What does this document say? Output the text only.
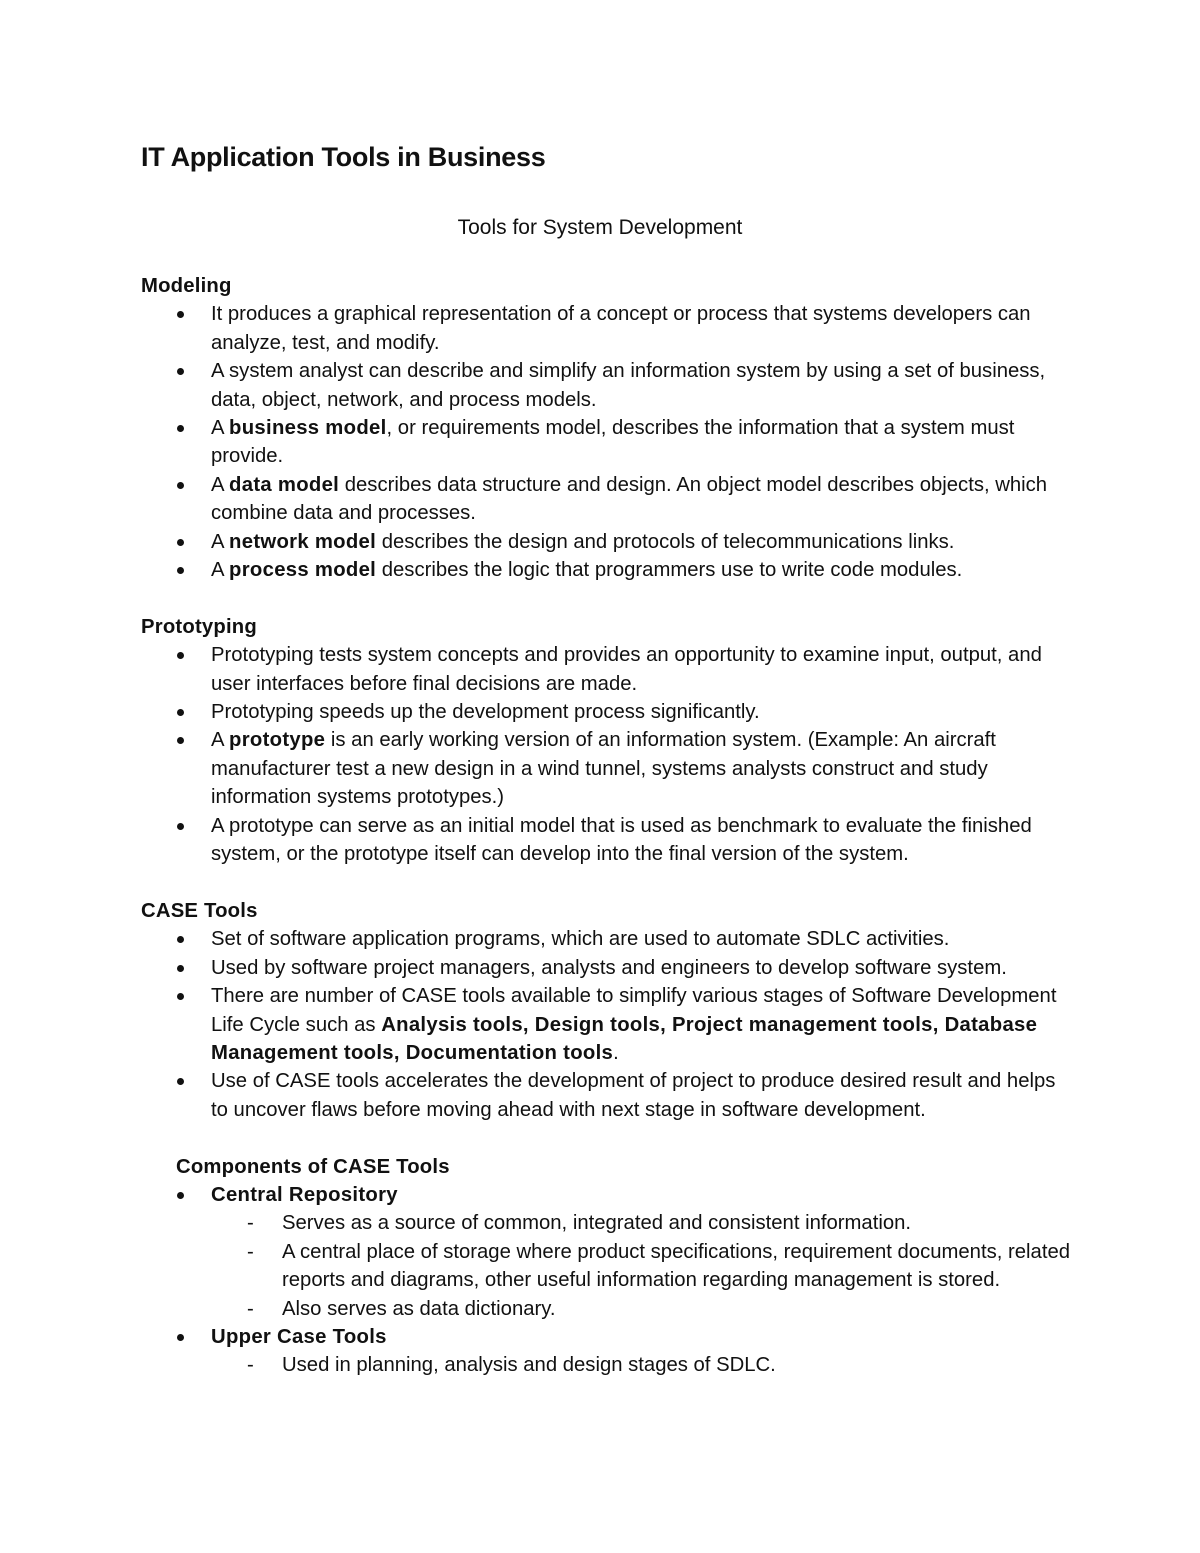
IT Application Tools in Business
Tools for System Development

Modeling

It produces a graphical representation of a concept or process that systems developers can analyze, test, and modify.
A system analyst can describe and simplify an information system by using a set of business, data, object, network, and process models.
A business model, or requirements model, describes the information that a system must provide.
A data model describes data structure and design. An object model describes objects, which combine data and processes.
A network model describes the design and protocols of telecommunications links.
A process model describes the logic that programmers use to write code modules.

Prototyping

Prototyping tests system concepts and provides an opportunity to examine input, output, and user interfaces before final decisions are made.
Prototyping speeds up the development process significantly.
A prototype is an early working version of an information system. (Example: An aircraft manufacturer test a new design in a wind tunnel, systems analysts construct and study information systems prototypes.)
A prototype can serve as an initial model that is used as benchmark to evaluate the finished system, or the prototype itself can develop into the final version of the system.

CASE Tools

Set of software application programs, which are used to automate SDLC activities.
Used by software project managers, analysts and engineers to develop software system.
There are number of CASE tools available to simplify various stages of Software Development Life Cycle such as Analysis tools, Design tools, Project management tools, Database Management tools, Documentation tools.
Use of CASE tools accelerates the development of project to produce desired result and helps to uncover flaws before moving ahead with next stage in software development.

Components of CASE Tools

Central Repository
- Serves as a source of common, integrated and consistent information.
- A central place of storage where product specifications, requirement documents, related reports and diagrams, other useful information regarding management is stored.
- Also serves as data dictionary.
Upper Case Tools
- Used in planning, analysis and design stages of SDLC.
